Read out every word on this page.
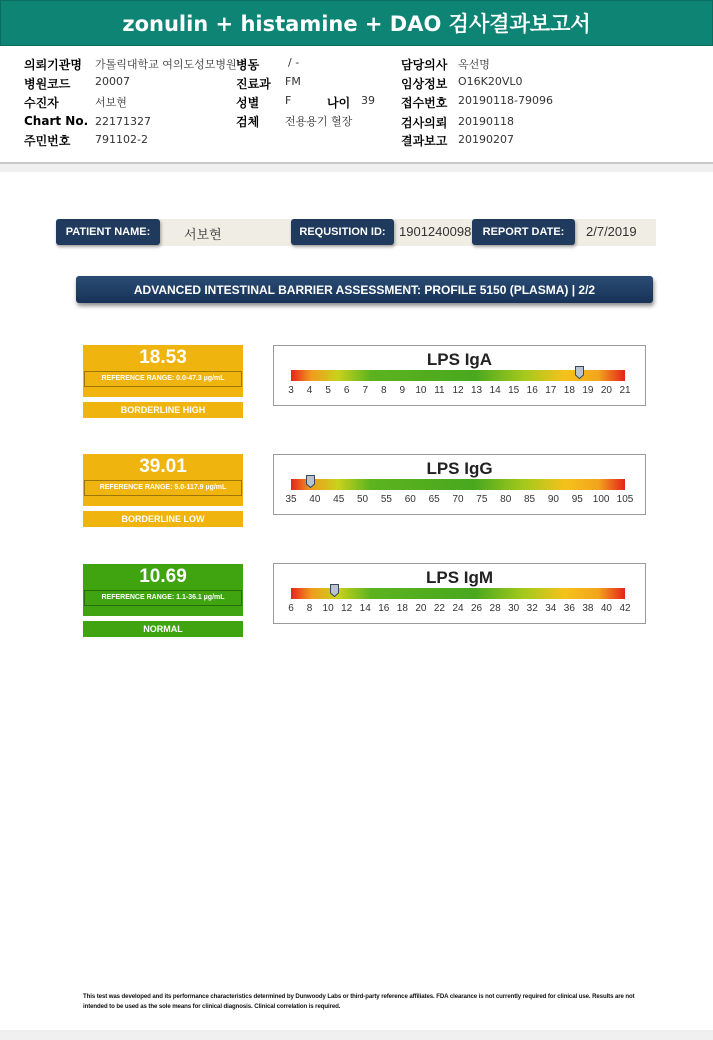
zonulin + histamine + DAO 검사결과보고서
의뢰기관명 가톨릭대학교 여의도성모병원 병동	/ -	담당의사 옥선명
병원코드 20007	진료과 FM	임상정보 O16K20VL0
수진자	서보현	성별 F	나이 39 접수번호 20190118-79096
Chart No. 22171327	검체 전용용기 혈장	검사의뢰 20190118
주민번호 791102-2	결과보고 20190207
PATIENT NAME:	서보현	REQUSITION ID:	1901240098	REPORT DATE:	2/7/2019
ADVANCED INTESTINAL BARRIER ASSESSMENT: PROFILE 5150 (PLASMA) | 2/2
18.53
REFERENCE RANGE: 0.0-47.3 µg/mL
BORDERLINE HIGH
LPS IgA
3 4 5 6 7 8 9 10 11 12 13 14 15 16 17 18 19 20 21
39.01
REFERENCE RANGE: 5.0-117.9 µg/mL
BORDERLINE LOW
LPS IgG
35 40 45 50 55 60 65 70 75 80 85 90 95 100 105
10.69
REFERENCE RANGE: 1.1-36.1 µg/mL
NORMAL
LPS IgM
6 8 10 12 14 16 18 20 22 24 26 28 30 32 34 36 38 40 42
This test was developed and its performance characteristics determined by Dunwoody Labs or third-party reference affiliates. FDA clearance is not currently required for clinical use. Results are not intended to be used as the sole means for clinical diagnosis. Clinical correlation is required.
